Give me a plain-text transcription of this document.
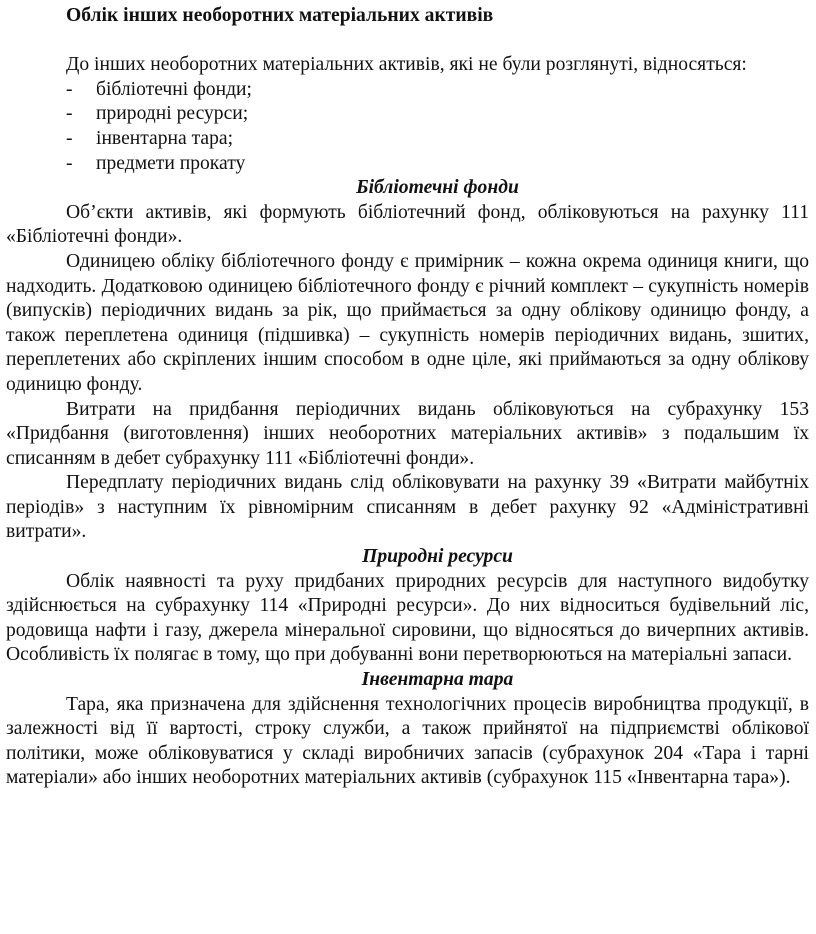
Облік інших необоротних матеріальних активів

До інших необоротних матеріальних активів, які не були розглянуті, відносяться:

- бібліотечні фонди;
- природні ресурси;
- інвентарна тара;
- предмети прокату
Бібліотечні фонди

Об’єкти активів, які формують бібліотечний фонд, обліковуються на рахунку 111 «Бібліотечні фонди».

Одиницею обліку бібліотечного фонду є примірник – кожна окрема одиниця книги, що надходить. Додатковою одиницею бібліотечного фонду є річний комплект – сукупність номерів (випусків) періодичних видань за рік, що приймається за одну облікову одиницю фонду, а також переплетена одиниця (підшивка) – сукупність номерів періодичних видань, зшитих, переплетених або скріплених іншим способом в одне ціле, які приймаються за одну облікову одиницю фонду.

Витрати на придбання періодичних видань обліковуються на субрахунку 153 «Придбання (виготовлення) інших необоротних матеріальних активів» з подальшим їх списанням в дебет субрахунку 111 «Бібліотечні фонди».

Передплату періодичних видань слід обліковувати на рахунку 39 «Витрати майбутніх періодів» з наступним їх рівномірним списанням в дебет рахунку 92 «Адміністративні витрати».

Природні ресурси

Облік наявності та руху придбаних природних ресурсів для наступного видобутку здійснюється на субрахунку 114 «Природні ресурси». До них відноситься будівельний ліс, родовища нафти і газу, джерела мінеральної сировини, що відносяться до вичерпних активів. Особливість їх полягає в тому, що при добуванні вони перетворюються на матеріальні запаси.

Інвентарна тара

Тара, яка призначена для здійснення технологічних процесів виробництва продукції, в залежності від її вартості, строку служби, а також прийнятої на підприємстві облікової політики, може обліковуватися у складі виробничих запасів (субрахунок 204 «Тара і тарні матеріали» або інших необоротних матеріальних активів (субрахунок 115 «Інвентарна тара»).
